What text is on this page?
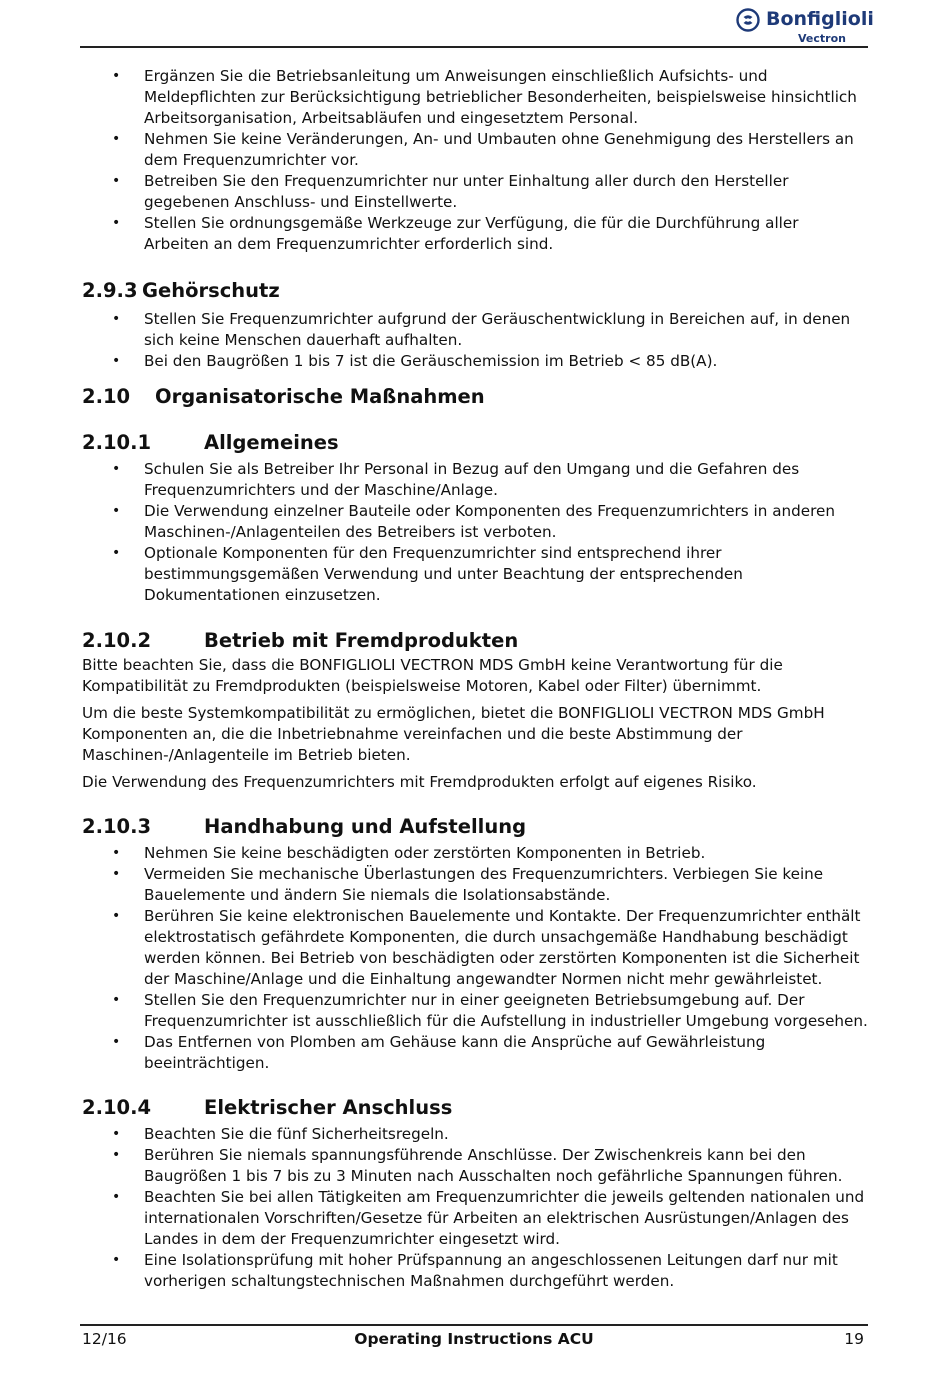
Bonfiglioli
Vectron
• Ergänzen Sie die Betriebsanleitung um Anweisungen einschließlich Aufsichts- und Meldepflichten zur Berücksichtigung betrieblicher Besonderheiten, beispielsweise hinsichtlich Arbeitsorganisation, Arbeitsabläufen und eingesetztem Personal.
• Nehmen Sie keine Veränderungen, An- und Umbauten ohne Genehmigung des Herstellers an dem Frequenzumrichter vor.
• Betreiben Sie den Frequenzumrichter nur unter Einhaltung aller durch den Hersteller gegebenen Anschluss- und Einstellwerte.
• Stellen Sie ordnungsgemäße Werkzeuge zur Verfügung, die für die Durchführung aller Arbeiten an dem Frequenzumrichter erforderlich sind.
2.9.3 Gehörschutz
• Stellen Sie Frequenzumrichter aufgrund der Geräuschentwicklung in Bereichen auf, in denen sich keine Menschen dauerhaft aufhalten.
• Bei den Baugrößen 1 bis 7 ist die Geräuschemission im Betrieb < 85 dB(A).
2.10 Organisatorische Maßnahmen
2.10.1	Allgemeines
• Schulen Sie als Betreiber Ihr Personal in Bezug auf den Umgang und die Gefahren des Frequenzumrichters und der Maschine/Anlage.
• Die Verwendung einzelner Bauteile oder Komponenten des Frequenzumrichters in anderen Maschinen-/Anlagenteilen des Betreibers ist verboten.
• Optionale Komponenten für den Frequenzumrichter sind entsprechend ihrer bestimmungsgemäßen Verwendung und unter Beachtung der entsprechenden Dokumentationen einzusetzen.
2.10.2	Betrieb mit Fremdprodukten

Bitte beachten Sie, dass die BONFIGLIOLI VECTRON MDS GmbH keine Verantwortung für die Kompatibilität zu Fremdprodukten (beispielsweise Motoren, Kabel oder Filter) übernimmt.

Um die beste Systemkompatibilität zu ermöglichen, bietet die BONFIGLIOLI VECTRON MDS GmbH Komponenten an, die die Inbetriebnahme vereinfachen und die beste Abstimmung der Maschinen-/Anlagenteile im Betrieb bieten.

Die Verwendung des Frequenzumrichters mit Fremdprodukten erfolgt auf eigenes Risiko.

2.10.3	Handhabung und Aufstellung
• Nehmen Sie keine beschädigten oder zerstörten Komponenten in Betrieb.
• Vermeiden Sie mechanische Überlastungen des Frequenzumrichters. Verbiegen Sie keine Bauelemente und ändern Sie niemals die Isolationsabstände.
• Berühren Sie keine elektronischen Bauelemente und Kontakte. Der Frequenzumrichter enthält elektrostatisch gefährdete Komponenten, die durch unsachgemäße Handhabung beschädigt werden können. Bei Betrieb von beschädigten oder zerstörten Komponenten ist die Sicherheit der Maschine/Anlage und die Einhaltung angewandter Normen nicht mehr gewährleistet.
• Stellen Sie den Frequenzumrichter nur in einer geeigneten Betriebsumgebung auf. Der Frequenzumrichter ist ausschließlich für die Aufstellung in industrieller Umgebung vorgesehen.
• Das Entfernen von Plomben am Gehäuse kann die Ansprüche auf Gewährleistung beeinträchtigen.
2.10.4	Elektrischer Anschluss
• Beachten Sie die fünf Sicherheitsregeln.
• Berühren Sie niemals spannungsführende Anschlüsse. Der Zwischenkreis kann bei den Baugrößen 1 bis 7 bis zu 3 Minuten nach Ausschalten noch gefährliche Spannungen führen.
• Beachten Sie bei allen Tätigkeiten am Frequenzumrichter die jeweils geltenden nationalen und internationalen Vorschriften/Gesetze für Arbeiten an elektrischen Ausrüstungen/Anlagen des Landes in dem der Frequenzumrichter eingesetzt wird.
• Eine Isolationsprüfung mit hoher Prüfspannung an angeschlossenen Leitungen darf nur mit vorherigen schaltungstechnischen Maßnahmen durchgeführt werden.
12/16	Operating Instructions ACU	19
